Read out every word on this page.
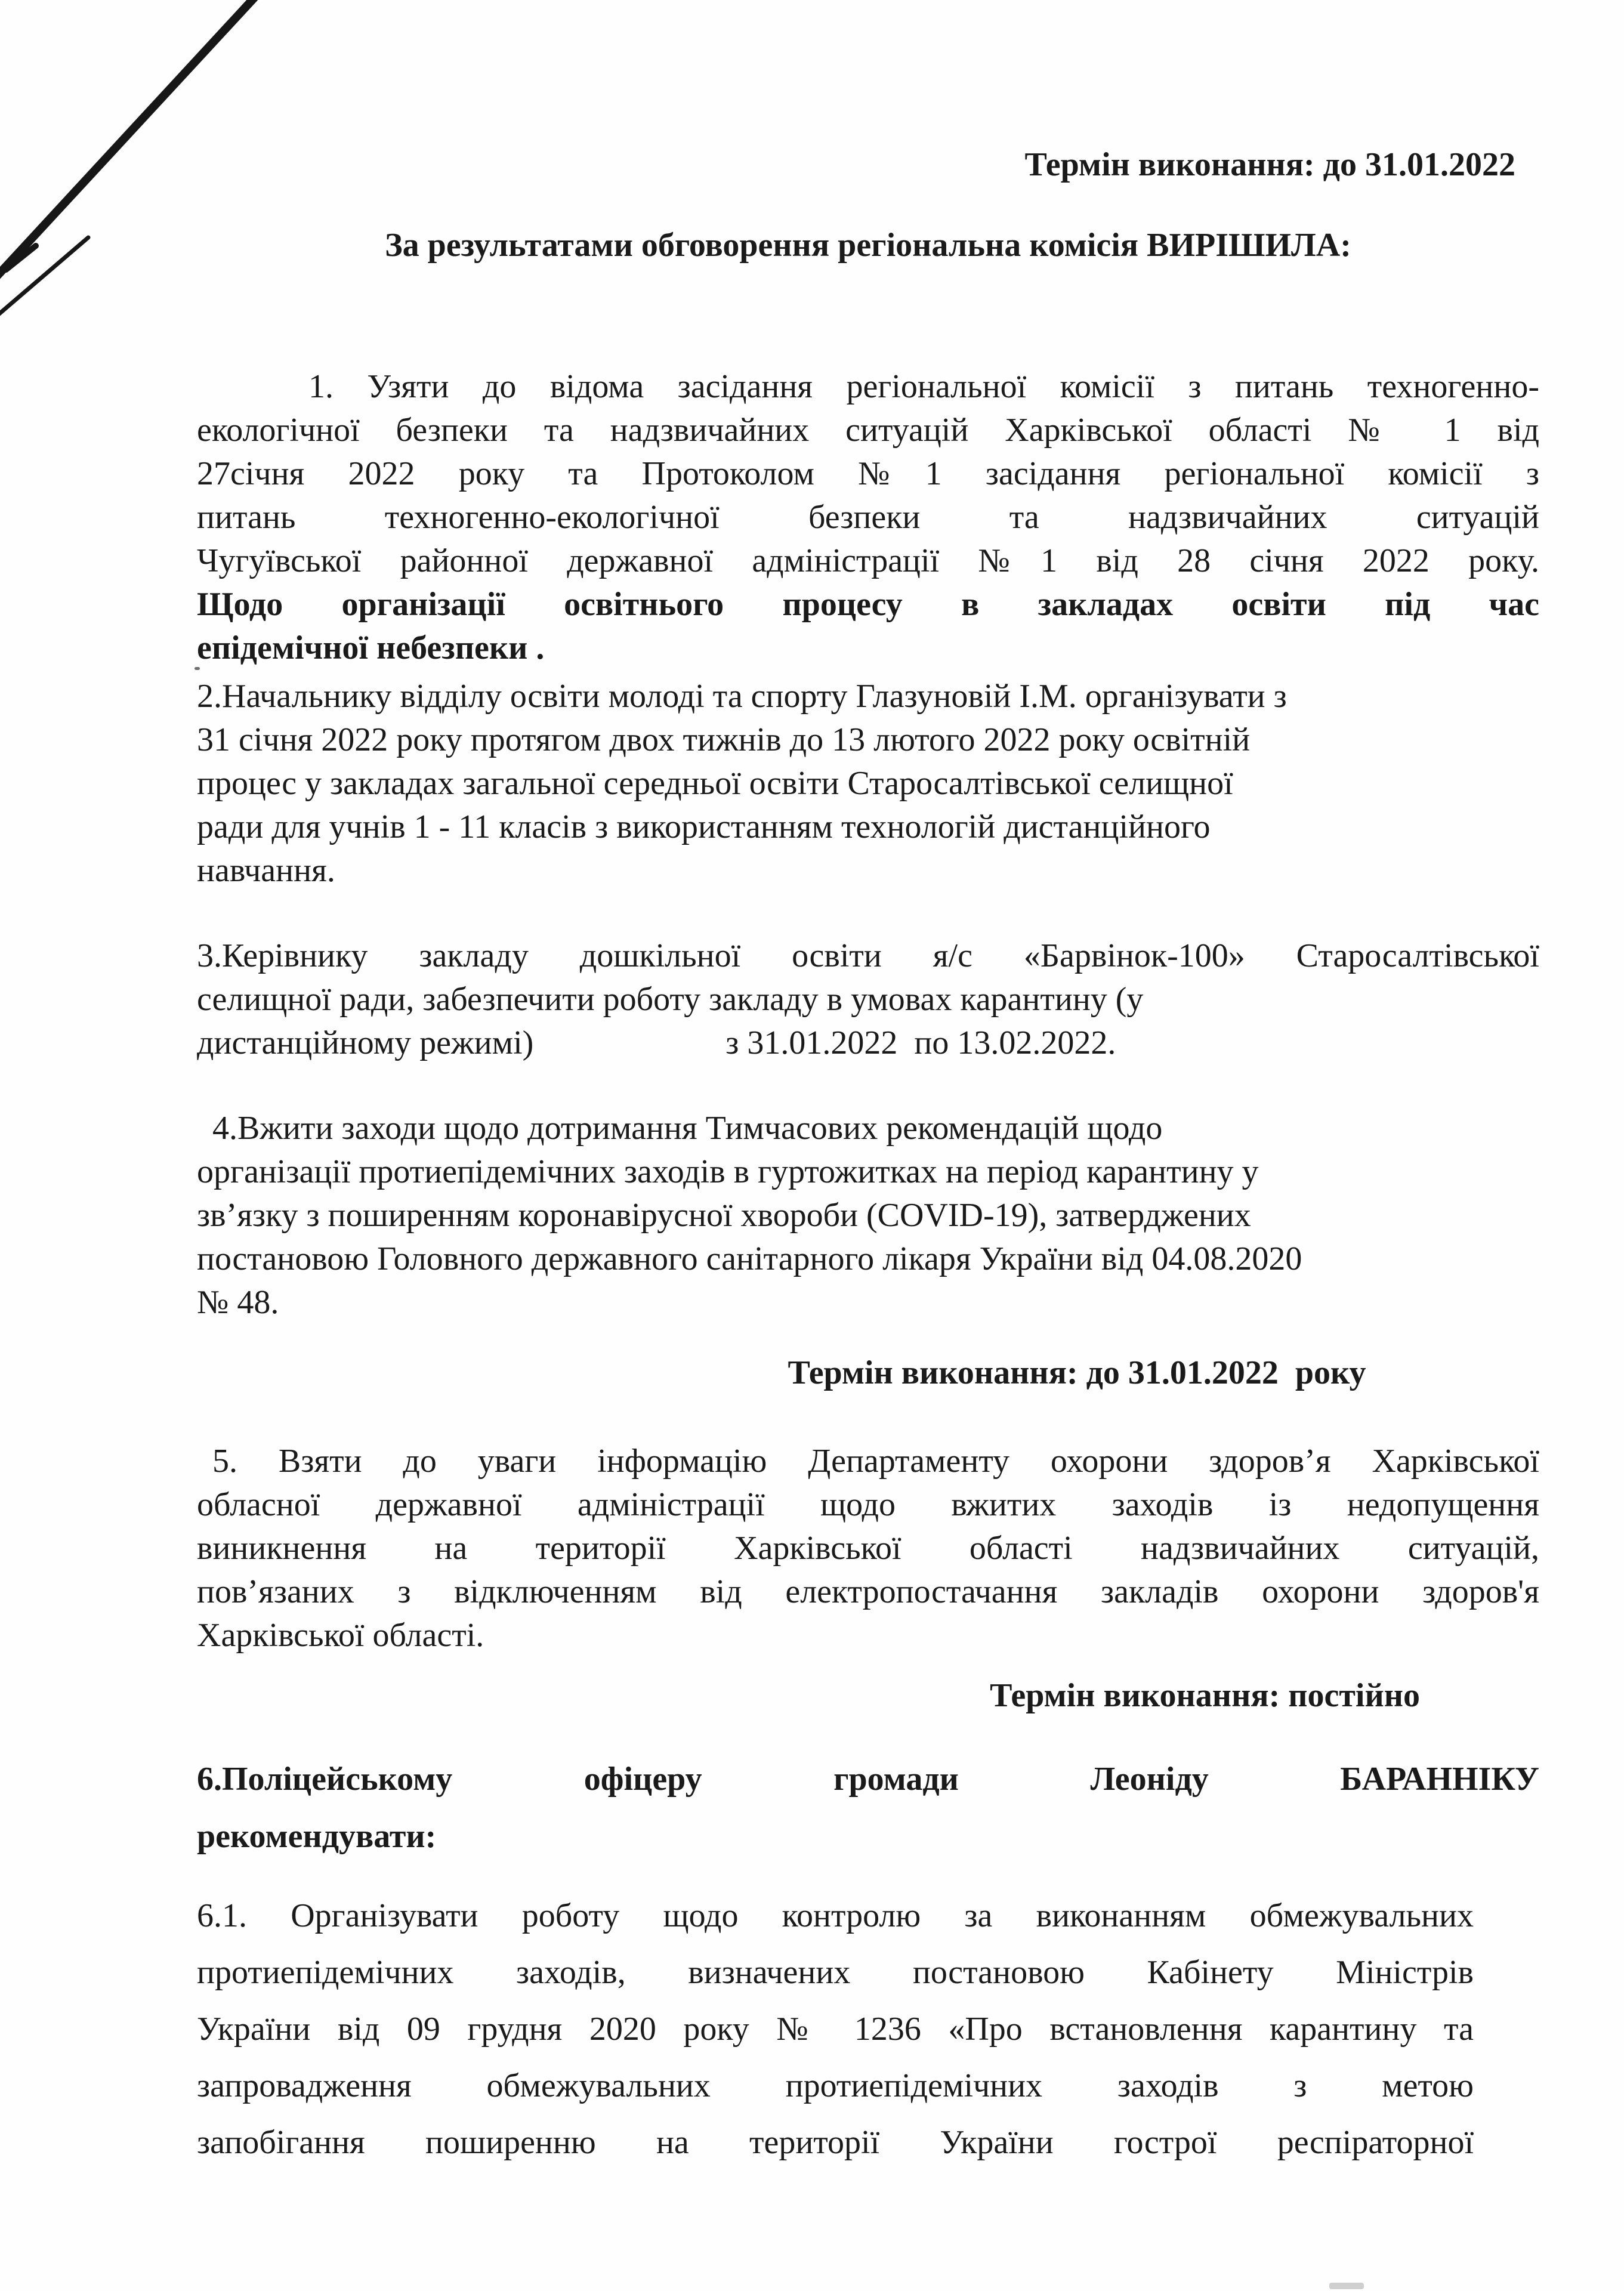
Термін виконання: до 31.01.2022
За результатами обговорення регіональна комісія ВИРІШИЛА:
1. Узяти до відома засідання регіональної комісії з питань техногенно-
екологічної безпеки та надзвичайних ситуацій Харківської області № 1 від
27січня 2022 року та Протоколом №1 засідання регіональної комісії з
питань техногенно-екологічної безпеки та надзвичайних ситуацій
Чугуївської районної державної адміністрації №1 від 28 січня 2022 року.
Щодо організації освітнього процесу в закладах освіти під час
епідемічної небезпеки .
2.Начальнику відділу освіти молоді та спорту Глазуновій І.М. організувати з
31 січня 2022 року протягом двох тижнів до 13 лютого 2022 року освітній
процес у закладах загальної середньої освіти Старосалтівської селищної
ради для учнів 1 - 11 класів з використанням технологій дистанційного
навчання.
3.Керівнику закладу дошкільної освіти я/с «Барвінок-100» Старосалтівської
селищної ради, забезпечити роботу закладу в умовах карантину (у
дистанційному режимі)                       з 31.01.2022  по 13.02.2022.
4.Вжити заходи щодо дотримання Тимчасових рекомендацій щодо
організації протиепідемічних заходів в гуртожитках на період карантину у
зв’язку з поширенням коронавірусної хвороби (COVID-19), затверджених
постановою Головного державного санітарного лікаря України від 04.08.2020
№ 48.
Термін виконання: до 31.01.2022  року
5. Взяти до уваги інформацію Департаменту охорони здоров’я Харківської
обласної державної адміністрації щодо вжитих заходів із недопущення
виникнення на території Харківської області надзвичайних ситуацій,
пов’язаних з відключенням від електропостачання закладів охорони здоров'я
Харківської області.
Термін виконання: постійно
6.Поліцейському офіцеру громади Леоніду БАРАННІКУ
рекомендувати:
6.1. Організувати роботу щодо контролю за виконанням обмежувальних
протиепідемічних заходів, визначених постановою Кабінету Міністрів
України від 09 грудня 2020 року № 1236 «Про встановлення карантину та
запровадження обмежувальних протиепідемічних заходів з метою
запобігання поширенню на території України гострої респіраторної
